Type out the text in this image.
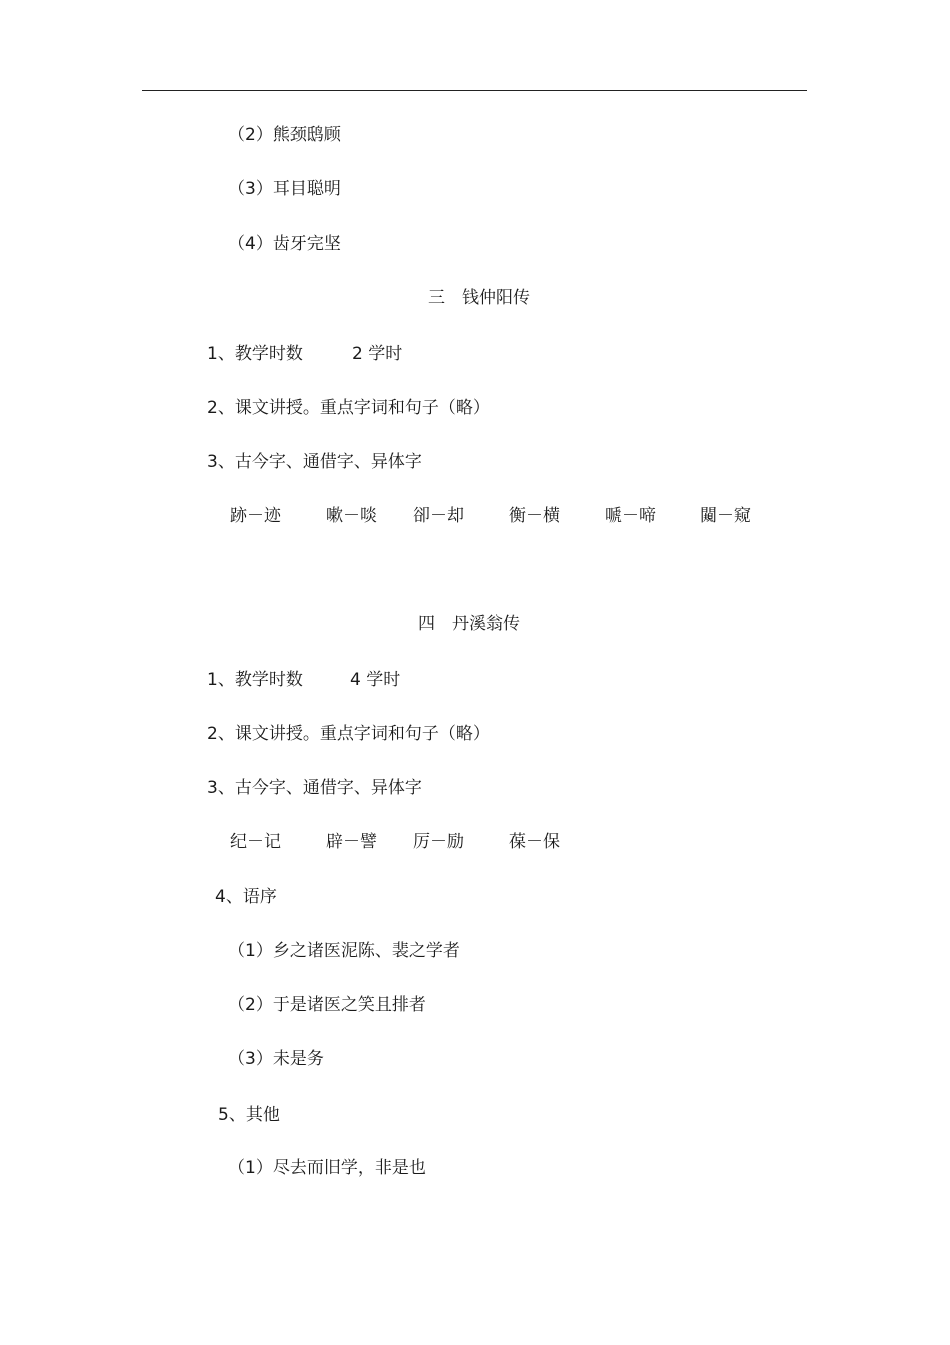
（2）熊颈鸱顾
（3）耳目聪明
（4）齿牙完坚
三　钱仲阳传
1、教学时数	2 学时
2、课文讲授。重点字词和句子（略）
3、古今字、通借字、异体字
跡－迹	嗽－啖 卻－却	衡－横	嗁－啼	闚－窥
四　丹溪翁传
1、教学时数	4 学时
2、课文讲授。重点字词和句子（略）
3、古今字、通借字、异体字
纪－记	辟－譬 厉－励	葆－保
4、语序
（1）乡之诸医泥陈、裴之学者
（2）于是诸医之笑且排者
（3）未是务
5、其他
（1）尽去而旧学，非是也
